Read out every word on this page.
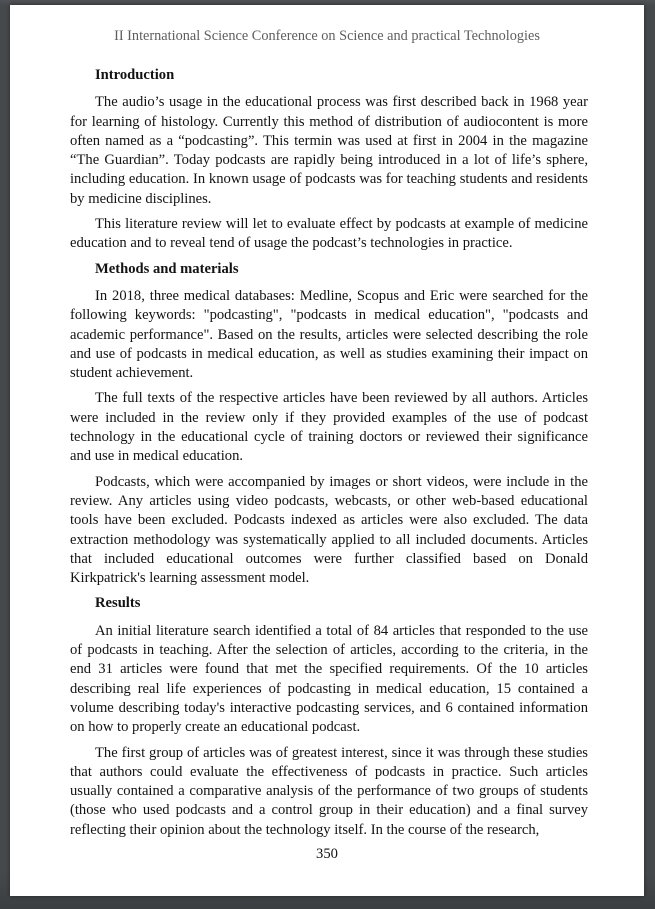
II International Science Conference on Science and practical Technologies
Introduction

The audio’s usage in the educational process was first described back in 1968 year for learning of histology. Currently this method of distribution of audiocontent is more often named as a “podcasting”. This termin was used at first in 2004 in the magazine “The Guardian”. Today podcasts are rapidly being introduced in a lot of life’s sphere, including education. In known usage of podcasts was for teaching students and residents by medicine disciplines.

This literature review will let to evaluate effect by podcasts at example of medicine education and to reveal tend of usage the podcast’s technologies in practice.

Methods and materials

In 2018, three medical databases: Medline, Scopus and Eric were searched for the following keywords: "podcasting", "podcasts in medical education", "podcasts and academic performance". Based on the results, articles were selected describing the role and use of podcasts in medical education, as well as studies examining their impact on student achievement.

The full texts of the respective articles have been reviewed by all authors. Articles were included in the review only if they provided examples of the use of podcast technology in the educational cycle of training doctors or reviewed their significance and use in medical education.

Podcasts, which were accompanied by images or short videos, were include in the review. Any articles using video podcasts, webcasts, or other web-based educational tools have been excluded. Podcasts indexed as articles were also excluded. The data extraction methodology was systematically applied to all included documents. Articles that included educational outcomes were further classified based on Donald Kirkpatrick's learning assessment model.

Results

An initial literature search identified a total of 84 articles that responded to the use of podcasts in teaching. After the selection of articles, according to the criteria, in the end 31 articles were found that met the specified requirements. Of the 10 articles describing real life experiences of podcasting in medical education, 15 contained a volume describing today's interactive podcasting services, and 6 contained information on how to properly create an educational podcast.

The first group of articles was of greatest interest, since it was through these studies that authors could evaluate the effectiveness of podcasts in practice. Such articles usually contained a comparative analysis of the performance of two groups of students (those who used podcasts and a control group in their education) and a final survey reflecting their opinion about the technology itself. In the course of the research,

350
